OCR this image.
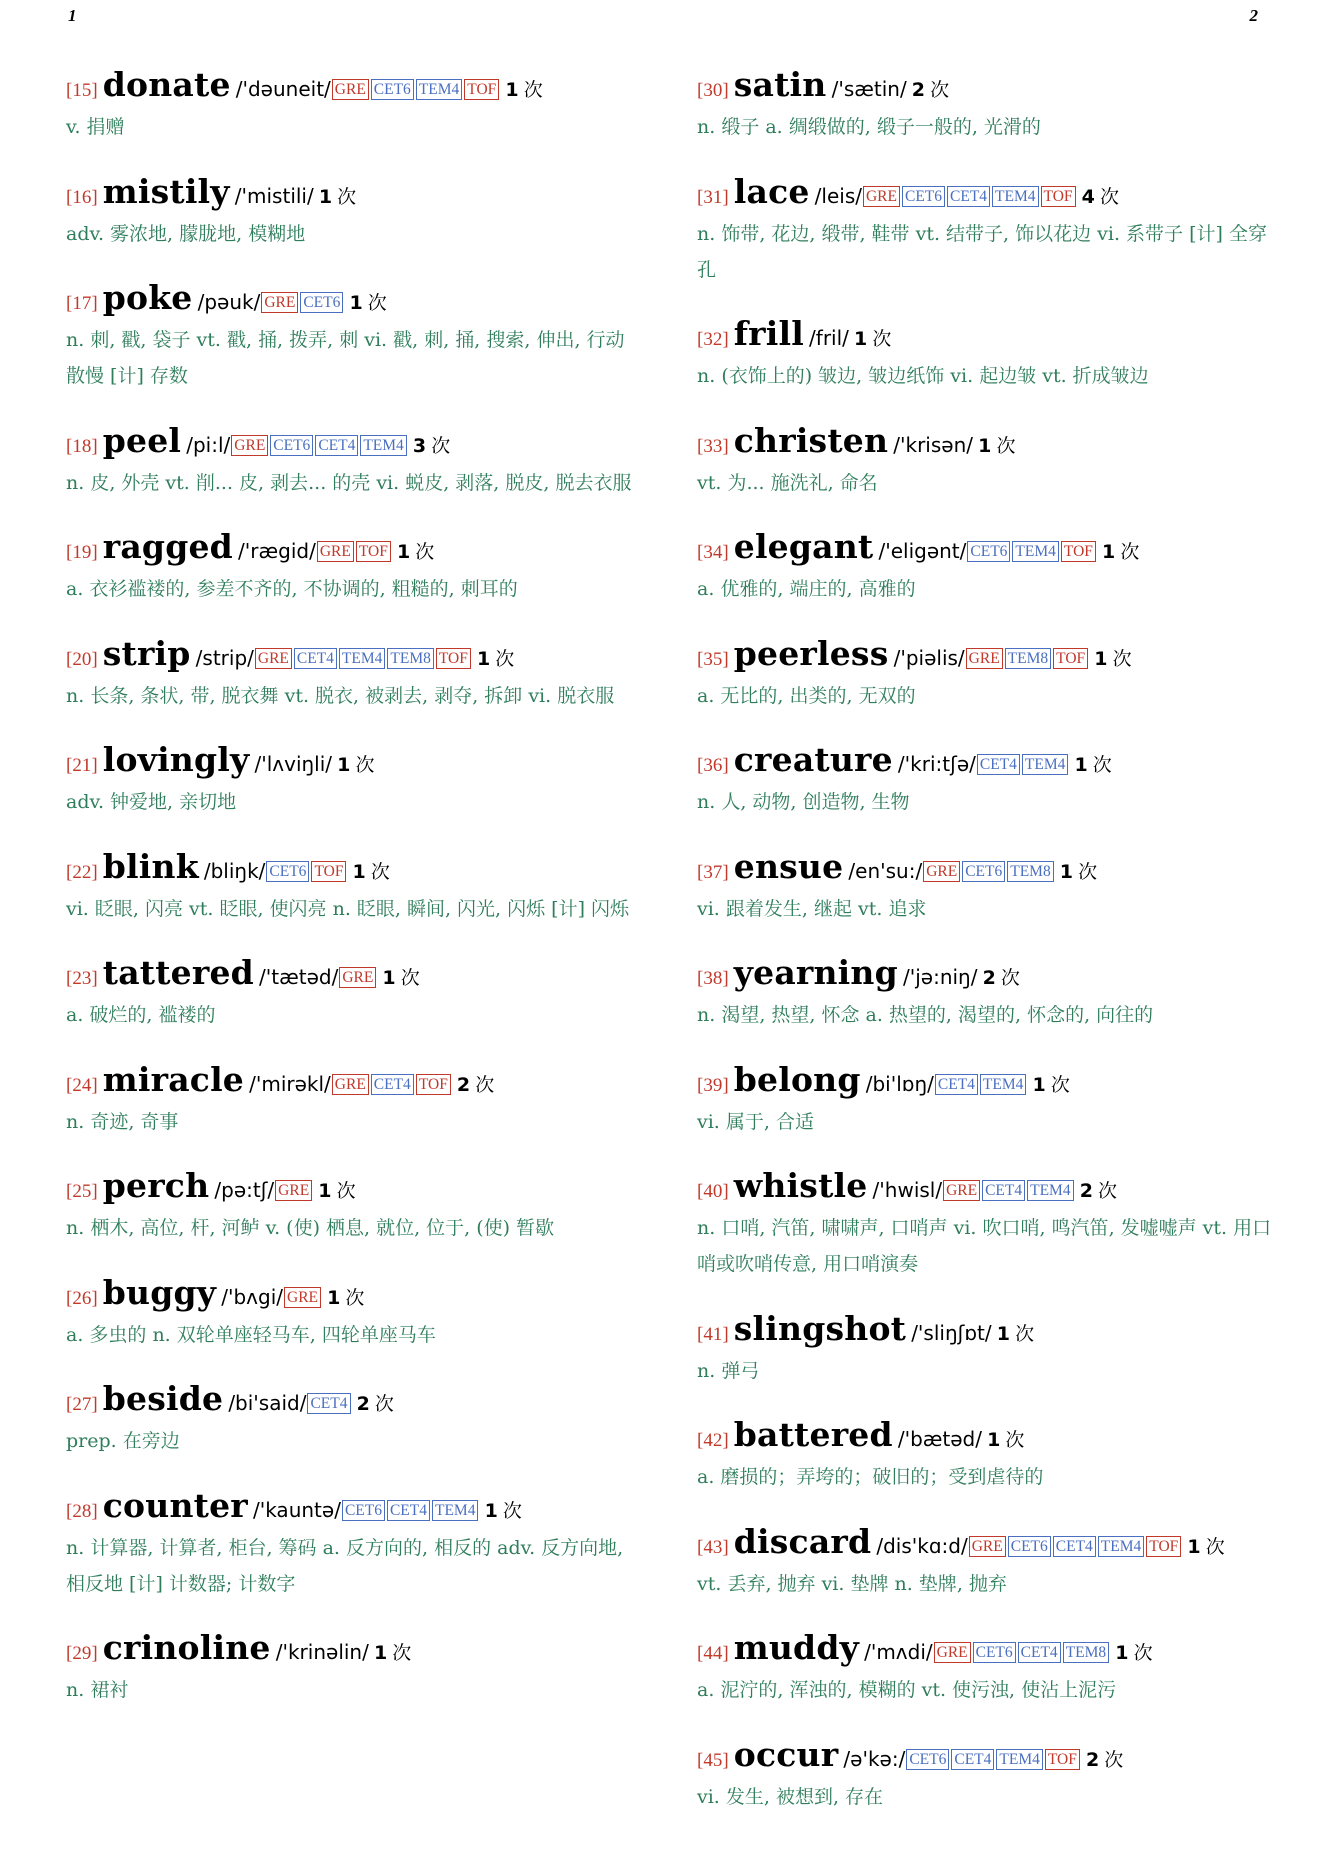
1	2
[15] donate /'dəuneit/ GRE CET6 TEM4 TOF 1 次
v. 捐赠
[16] mistily /'mistili/ 1 次
adv. 雾浓地, 朦胧地, 模糊地
[17] poke /pəuk/ GRE CET6 1 次
n. 刺, 戳, 袋子 vt. 戳, 捅, 拨弄, 刺 vi. 戳, 刺, 捅, 搜索, 伸出, 行动散慢 [计] 存数
[18] peel /pi:l/ GRE CET6 CET4 TEM4 3 次
n. 皮, 外壳 vt. 削... 皮, 剥去... 的壳 vi. 蜕皮, 剥落, 脱皮, 脱去衣服
[19] ragged /'rægid/ GRE TOF 1 次
a. 衣衫褴褛的, 参差不齐的, 不协调的, 粗糙的, 刺耳的
[20] strip /strip/ GRE CET4 TEM4 TEM8 TOF 1 次
n. 长条, 条状, 带, 脱衣舞 vt. 脱衣, 被剥去, 剥夺, 拆卸 vi. 脱衣服
[21] lovingly /'lʌviŋli/ 1 次
adv. 钟爱地, 亲切地
[22] blink /bliŋk/ CET6 TOF 1 次
vi. 眨眼, 闪亮 vt. 眨眼, 使闪亮 n. 眨眼, 瞬间, 闪光, 闪烁 [计] 闪烁
[23] tattered /'tætəd/ GRE 1 次
a. 破烂的, 褴褛的
[24] miracle /'mirəkl/ GRE CET4 TOF 2 次
n. 奇迹, 奇事
[25] perch /pə:tʃ/ GRE 1 次
n. 栖木, 高位, 杆, 河鲈 v. (使) 栖息, 就位, 位于, (使) 暂歇
[26] buggy /'bʌgi/ GRE 1 次
a. 多虫的 n. 双轮单座轻马车, 四轮单座马车
[27] beside /bi'said/ CET4 2 次
prep. 在旁边
[28] counter /'kauntə/ CET6 CET4 TEM4 1 次
n. 计算器, 计算者, 柜台, 筹码 a. 反方向的, 相反的 adv. 反方向地, 相反地 [计] 计数器; 计数字
[29] crinoline /'krinəlin/ 1 次
n. 裙衬
[30] satin /'sætin/ 2 次
n. 缎子 a. 绸缎做的, 缎子一般的, 光滑的
[31] lace /leis/ GRE CET6 CET4 TEM4 TOF 4 次
n. 饰带, 花边, 缎带, 鞋带 vt. 结带子, 饰以花边 vi. 系带子 [计] 全穿孔
[32] frill /fril/ 1 次
n. (衣饰上的) 皱边, 皱边纸饰 vi. 起边皱 vt. 折成皱边
[33] christen /'krisən/ 1 次
vt. 为... 施洗礼, 命名
[34] elegant /'eligənt/ CET6 TEM4 TOF 1 次
a. 优雅的, 端庄的, 高雅的
[35] peerless /'piəlis/ GRE TEM8 TOF 1 次
a. 无比的, 出类的, 无双的
[36] creature /'kri:tʃə/ CET4 TEM4 1 次
n. 人, 动物, 创造物, 生物
[37] ensue /en'su:/ GRE CET6 TEM8 1 次
vi. 跟着发生, 继起 vt. 追求
[38] yearning /'jə:niŋ/ 2 次
n. 渴望, 热望, 怀念 a. 热望的, 渴望的, 怀念的, 向往的
[39] belong /bi'lɒŋ/ CET4 TEM4 1 次
vi. 属于, 合适
[40] whistle /'hwisl/ GRE CET4 TEM4 2 次
n. 口哨, 汽笛, 啸啸声, 口哨声 vi. 吹口哨, 鸣汽笛, 发嘘嘘声 vt. 用口哨或吹哨传意, 用口哨演奏
[41] slingshot /'sliŋʃɒt/ 1 次
n. 弹弓
[42] battered /'bætəd/ 1 次
a. 磨损的；弄垮的；破旧的；受到虐待的
[43] discard /dis'kɑ:d/ GRE CET6 CET4 TEM4 TOF 1 次
vt. 丢弃, 抛弃 vi. 垫牌 n. 垫牌, 抛弃
[44] muddy /'mʌdi/ GRE CET6 CET4 TEM8 1 次
a. 泥泞的, 浑浊的, 模糊的 vt. 使污浊, 使沾上泥污
[45] occur /ə'kə:/ CET6 CET4 TEM4 TOF 2 次
vi. 发生, 被想到, 存在
